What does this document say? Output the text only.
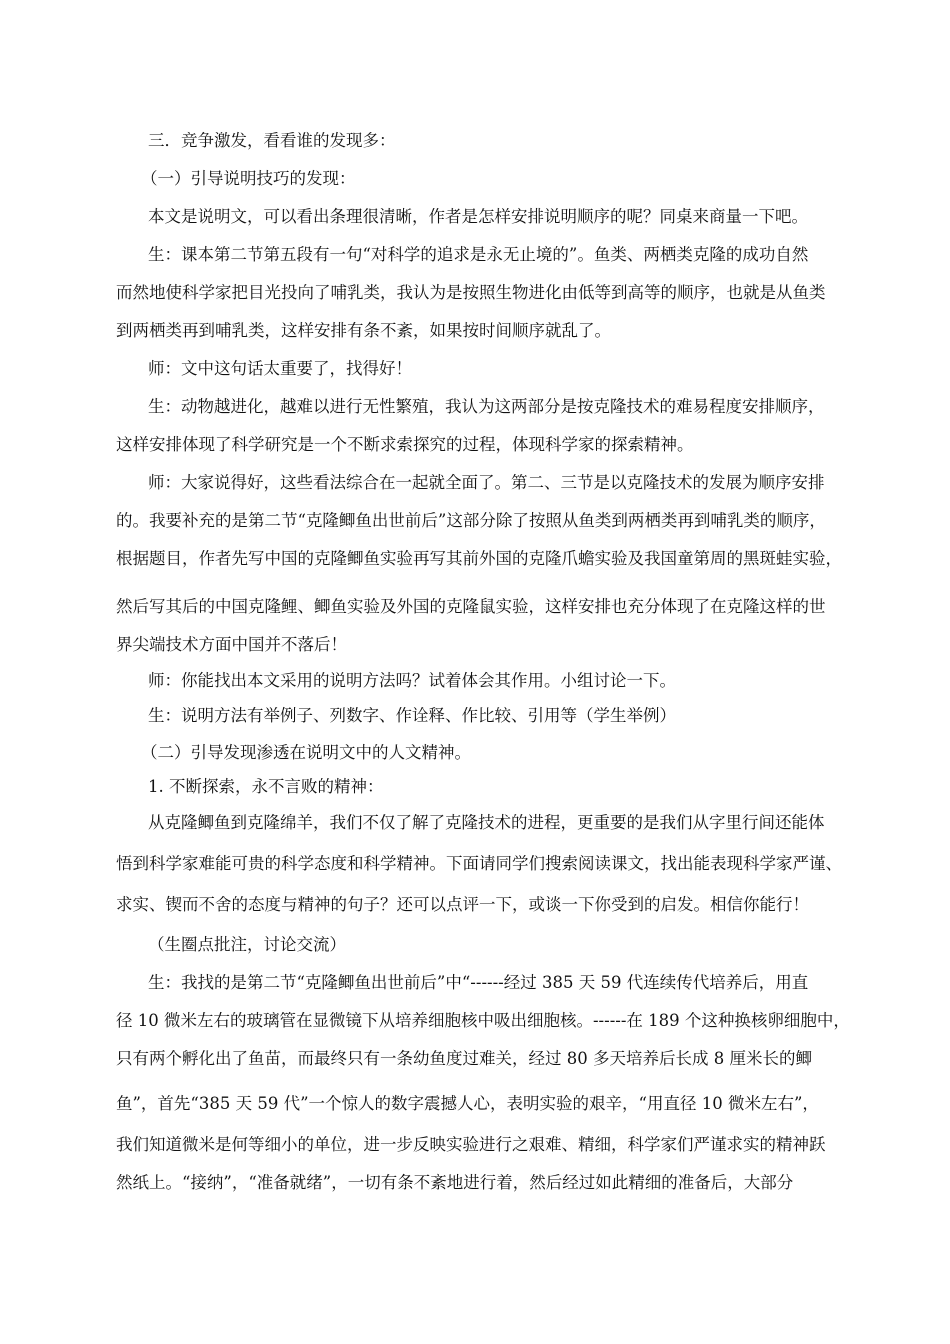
三．竞争激发，看看谁的发现多：
（一）引导说明技巧的发现：
本文是说明文，可以看出条理很清晰，作者是怎样安排说明顺序的呢？同桌来商量一下吧。
生：课本第二节第五段有一句“对科学的追求是永无止境的”。鱼类、两栖类克隆的成功自然
而然地使科学家把目光投向了哺乳类，我认为是按照生物进化由低等到高等的顺序，也就是从鱼类
到两栖类再到哺乳类，这样安排有条不紊，如果按时间顺序就乱了。
师：文中这句话太重要了，找得好！
生：动物越进化，越难以进行无性繁殖，我认为这两部分是按克隆技术的难易程度安排顺序，
这样安排体现了科学研究是一个不断求索探究的过程，体现科学家的探索精神。
师：大家说得好，这些看法综合在一起就全面了。第二、三节是以克隆技术的发展为顺序安排
的。我要补充的是第二节“克隆鲫鱼出世前后”这部分除了按照从鱼类到两栖类再到哺乳类的顺序，
根据题目，作者先写中国的克隆鲫鱼实验再写其前外国的克隆爪蟾实验及我国童第周的黑斑蛙实验，
然后写其后的中国克隆鲤、鲫鱼实验及外国的克隆鼠实验，这样安排也充分体现了在克隆这样的世
界尖端技术方面中国并不落后！
师：你能找出本文采用的说明方法吗？试着体会其作用。小组讨论一下。
生：说明方法有举例子、列数字、作诠释、作比较、引用等（学生举例）
（二）引导发现渗透在说明文中的人文精神。
1. 不断探索，永不言败的精神：
从克隆鲫鱼到克隆绵羊，我们不仅了解了克隆技术的进程，更重要的是我们从字里行间还能体
悟到科学家难能可贵的科学态度和科学精神。下面请同学们搜索阅读课文，找出能表现科学家严谨、
求实、锲而不舍的态度与精神的句子？还可以点评一下，或谈一下你受到的启发。相信你能行！
（生圈点批注，讨论交流）
生：我找的是第二节“克隆鲫鱼出世前后”中“------经过 385 天 59 代连续传代培养后，用直
径 10 微米左右的玻璃管在显微镜下从培养细胞核中吸出细胞核。------在 189 个这种换核卵细胞中，
只有两个孵化出了鱼苗，而最终只有一条幼鱼度过难关，经过 80 多天培养后长成 8 厘米长的鲫
鱼”，首先“385 天 59 代”一个惊人的数字震撼人心，表明实验的艰辛，“用直径 10 微米左右”，
我们知道微米是何等细小的单位，进一步反映实验进行之艰难、精细，科学家们严谨求实的精神跃
然纸上。“接纳”，“准备就绪”，一切有条不紊地进行着，然后经过如此精细的准备后，大部分
